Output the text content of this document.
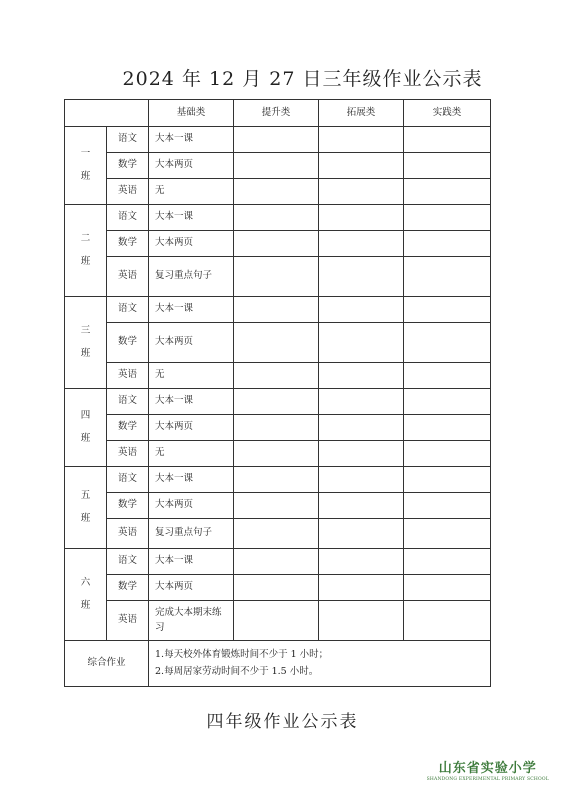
2024 年 12 月 27 日三年级作业公示表
		基础类	提升类	拓展类	实践类

一
班	语文	大本一课			
	数学	大本两页			
	英语	无			

二
班	语文	大本一课			
	数学	大本两页			
	英语	复习重点句子			

三
班	语文	大本一课			
	数学	大本两页			
	英语	无			

四
班	语文	大本一课			
	数学	大本两页			
	英语	无			

五
班	语文	大本一课			
	数学	大本两页			
	英语	复习重点句子			

六
班	语文	大本一课			
	数学	大本两页			
	英语	完成大本期末练习			
综合作业		1.每天校外体育锻炼时间不少于 1 小时；
2.每周居家劳动时间不少于 1.5 小时。			
四年级作业公示表
山东省实验小学
SHANDONG EXPERIMENTAL PRIMARY SCHOOL
